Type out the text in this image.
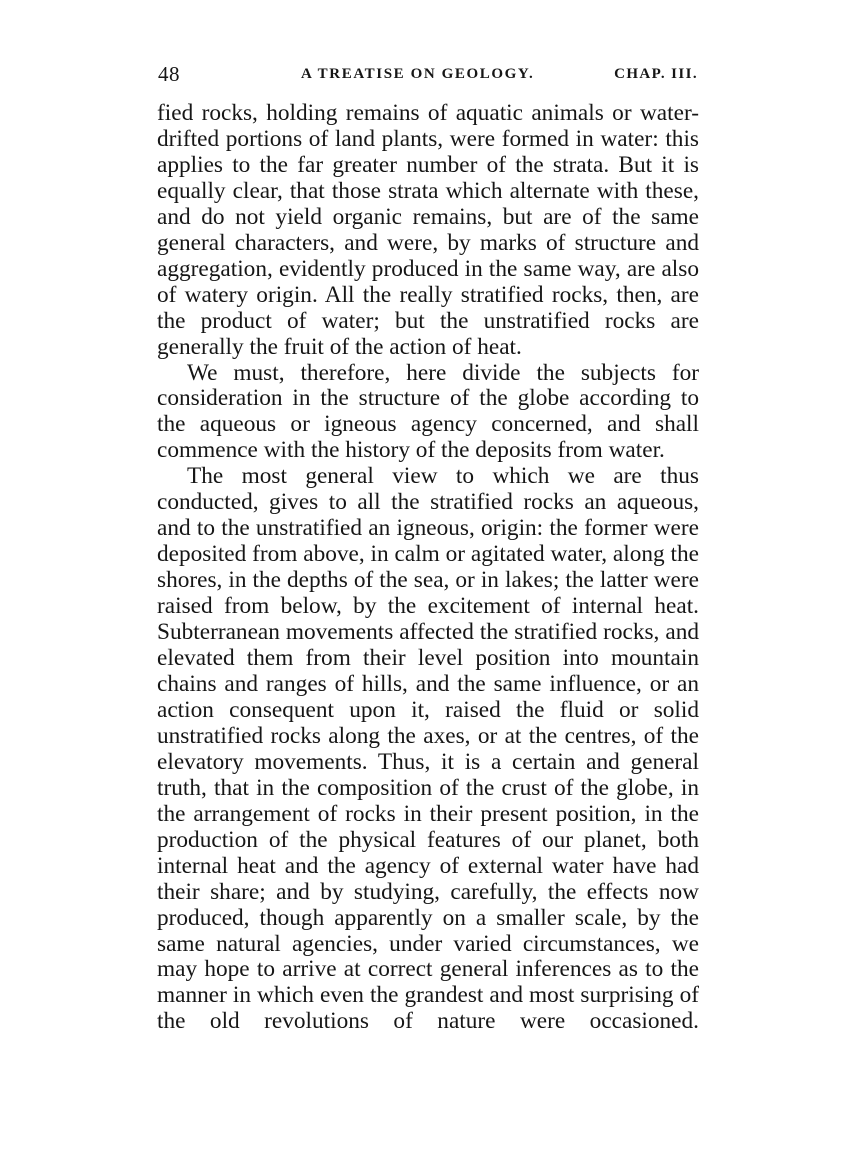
48	A TREATISE ON GEOLOGY.	CHAP. III.

fied rocks, holding remains of aquatic animals or water-drifted portions of land plants, were formed in water: this applies to the far greater number of the strata. But it is equally clear, that those strata which alternate with these, and do not yield organic remains, but are of the same general characters, and were, by marks of structure and aggregation, evidently produced in the same way, are also of watery origin. All the really stratified rocks, then, are the product of water; but the unstratified rocks are generally the fruit of the action of heat.

We must, therefore, here divide the subjects for consideration in the structure of the globe according to the aqueous or igneous agency concerned, and shall commence with the history of the deposits from water.

The most general view to which we are thus conducted, gives to all the stratified rocks an aqueous, and to the unstratified an igneous, origin: the former were deposited from above, in calm or agitated water, along the shores, in the depths of the sea, or in lakes; the latter were raised from below, by the excitement of internal heat. Subterranean movements affected the stratified rocks, and elevated them from their level position into mountain chains and ranges of hills, and the same influence, or an action consequent upon it, raised the fluid or solid unstratified rocks along the axes, or at the centres, of the elevatory movements. Thus, it is a certain and general truth, that in the composition of the crust of the globe, in the arrangement of rocks in their present position, in the production of the physical features of our planet, both internal heat and the agency of external water have had their share; and by studying, carefully, the effects now produced, though apparently on a smaller scale, by the same natural agencies, under varied circumstances, we may hope to arrive at correct general inferences as to the manner in which even the grandest and most surprising of the old revolutions of nature were occasioned.
